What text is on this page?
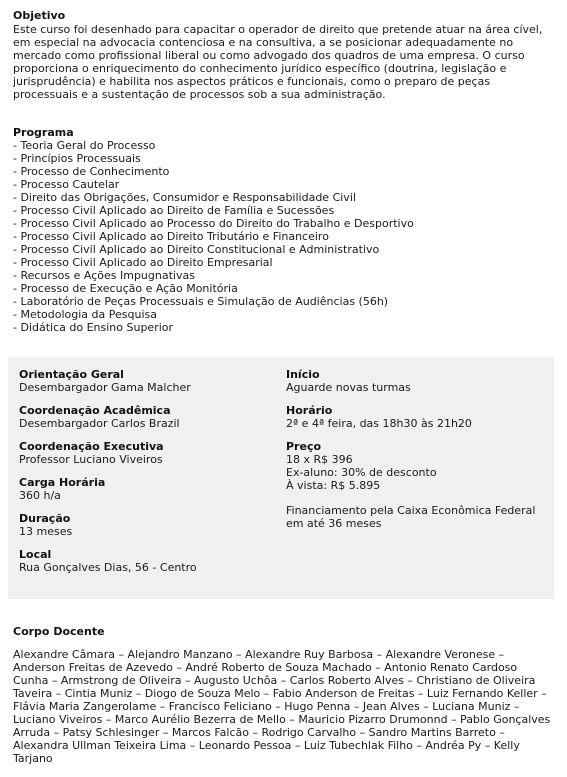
Objetivo
Este curso foi desenhado para capacitar o operador de direito que pretende atuar na área cível, em especial na advocacia contenciosa e na consultiva, a se posicionar adequadamente no mercado como profissional liberal ou como advogado dos quadros de uma empresa. O curso proporciona o enriquecimento do conhecimento jurídico específico (doutrina, legislação e jurisprudência) e habilita nos aspectos práticos e funcionais, como o preparo de peças processuais e a sustentação de processos sob a sua administração.
Programa
- Teoria Geral do Processo
- Princípios Processuais
- Processo de Conhecimento
- Processo Cautelar
- Direito das Obrigações, Consumidor e Responsabilidade Civil
- Processo Civil Aplicado ao Direito de Família e Sucessões
- Processo Civil Aplicado ao Processo do Direito do Trabalho e Desportivo
- Processo Civil Aplicado ao Direito Tributário e Financeiro
- Processo Civil Aplicado ao Direito Constitucional e Administrativo
- Processo Civil Aplicado ao Direito Empresarial
- Recursos e Ações Impugnativas
- Processo de Execução e Ação Monitória
- Laboratório de Peças Processuais e Simulação de Audiências (56h)
- Metodologia da Pesquisa
- Didática do Ensino Superior
Orientação Geral
Desembargador Gama Malcher
Coordenação Acadêmica
Desembargador Carlos Brazil
Coordenação Executiva
Professor Luciano Viveiros
Carga Horária
360 h/a
Duração
13 meses
Local
Rua Gonçalves Dias, 56 - Centro
Início
Aguarde novas turmas
Horário
2ª e 4ª feira, das 18h30 às 21h20
Preço
18 x R$ 396
Ex-aluno: 30% de desconto
À vista: R$ 5.895
Financiamento pela Caixa Econômica Federal em até 36 meses
Corpo Docente
Alexandre Câmara – Alejandro Manzano – Alexandre Ruy Barbosa – Alexandre Veronese – Anderson Freitas de Azevedo – André Roberto de Souza Machado – Antonio Renato Cardoso Cunha – Armstrong de Oliveira – Augusto Uchôa – Carlos Roberto Alves – Christiano de Oliveira Taveira – Cintia Muniz – Diogo de Souza Melo – Fabio Anderson de Freitas – Luiz Fernando Keller – Flávia Maria Zangerolame – Francisco Feliciano – Hugo Penna – Jean Alves – Luciana Muniz – Luciano Viveiros – Marco Aurélio Bezerra de Mello – Mauricio Pizarro Drumonnd – Pablo Gonçalves Arruda – Patsy Schlesinger – Marcos Falcão – Rodrigo Carvalho – Sandro Martins Barreto – Alexandra Ullman Teixeira Lima – Leonardo Pessoa – Luiz Tubechlak Filho – Andréa Py – Kelly Tarjano
